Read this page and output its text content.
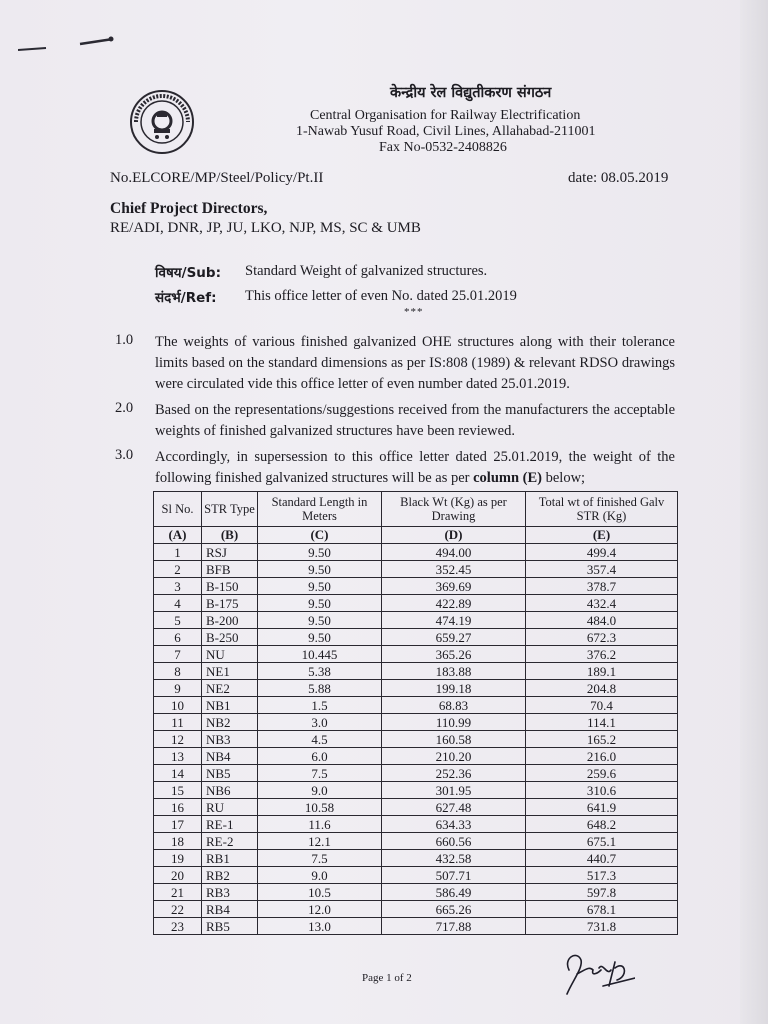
केन्द्रीय रेल विद्युतीकरण संगठन
Central Organisation for Railway Electrification
1-Nawab Yusuf Road, Civil Lines, Allahabad-211001
Fax No-0532-2408826
No.ELCORE/MP/Steel/Policy/Pt.II	date: 08.05.2019
Chief Project Directors,
RE/ADI, DNR, JP, JU, LKO, NJP, MS, SC & UMB
विषय/Sub: Standard Weight of galvanized structures.
संदर्भ/Ref: This office letter of even No. dated 25.01.2019
***
1.0 The weights of various finished galvanized OHE structures along with their tolerance limits based on the standard dimensions as per IS:808 (1989) & relevant RDSO drawings were circulated vide this office letter of even number dated 25.01.2019.
2.0 Based on the representations/suggestions received from the manufacturers the acceptable weights of finished galvanized structures have been reviewed.
3.0 Accordingly, in supersession to this office letter dated 25.01.2019, the weight of the following finished galvanized structures will be as per column (E) below;
Sl No.	STR Type	Standard Length in Meters	Black Wt (Kg) as per Drawing	Total wt of finished Galv STR (Kg)
(A)	(B)	(C)	(D)	(E)
1	RSJ	9.50	494.00	499.4
2	BFB	9.50	352.45	357.4
3	B-150	9.50	369.69	378.7
4	B-175	9.50	422.89	432.4
5	B-200	9.50	474.19	484.0
6	B-250	9.50	659.27	672.3
7	NU	10.445	365.26	376.2
8	NE1	5.38	183.88	189.1
9	NE2	5.88	199.18	204.8
10	NB1	1.5	68.83	70.4
11	NB2	3.0	110.99	114.1
12	NB3	4.5	160.58	165.2
13	NB4	6.0	210.20	216.0
14	NB5	7.5	252.36	259.6
15	NB6	9.0	301.95	310.6
16	RU	10.58	627.48	641.9
17	RE-1	11.6	634.33	648.2
18	RE-2	12.1	660.56	675.1
19	RB1	7.5	432.58	440.7
20	RB2	9.0	507.71	517.3
21	RB3	10.5	586.49	597.8
22	RB4	12.0	665.26	678.1
23	RB5	13.0	717.88	731.8
Page 1 of 2
